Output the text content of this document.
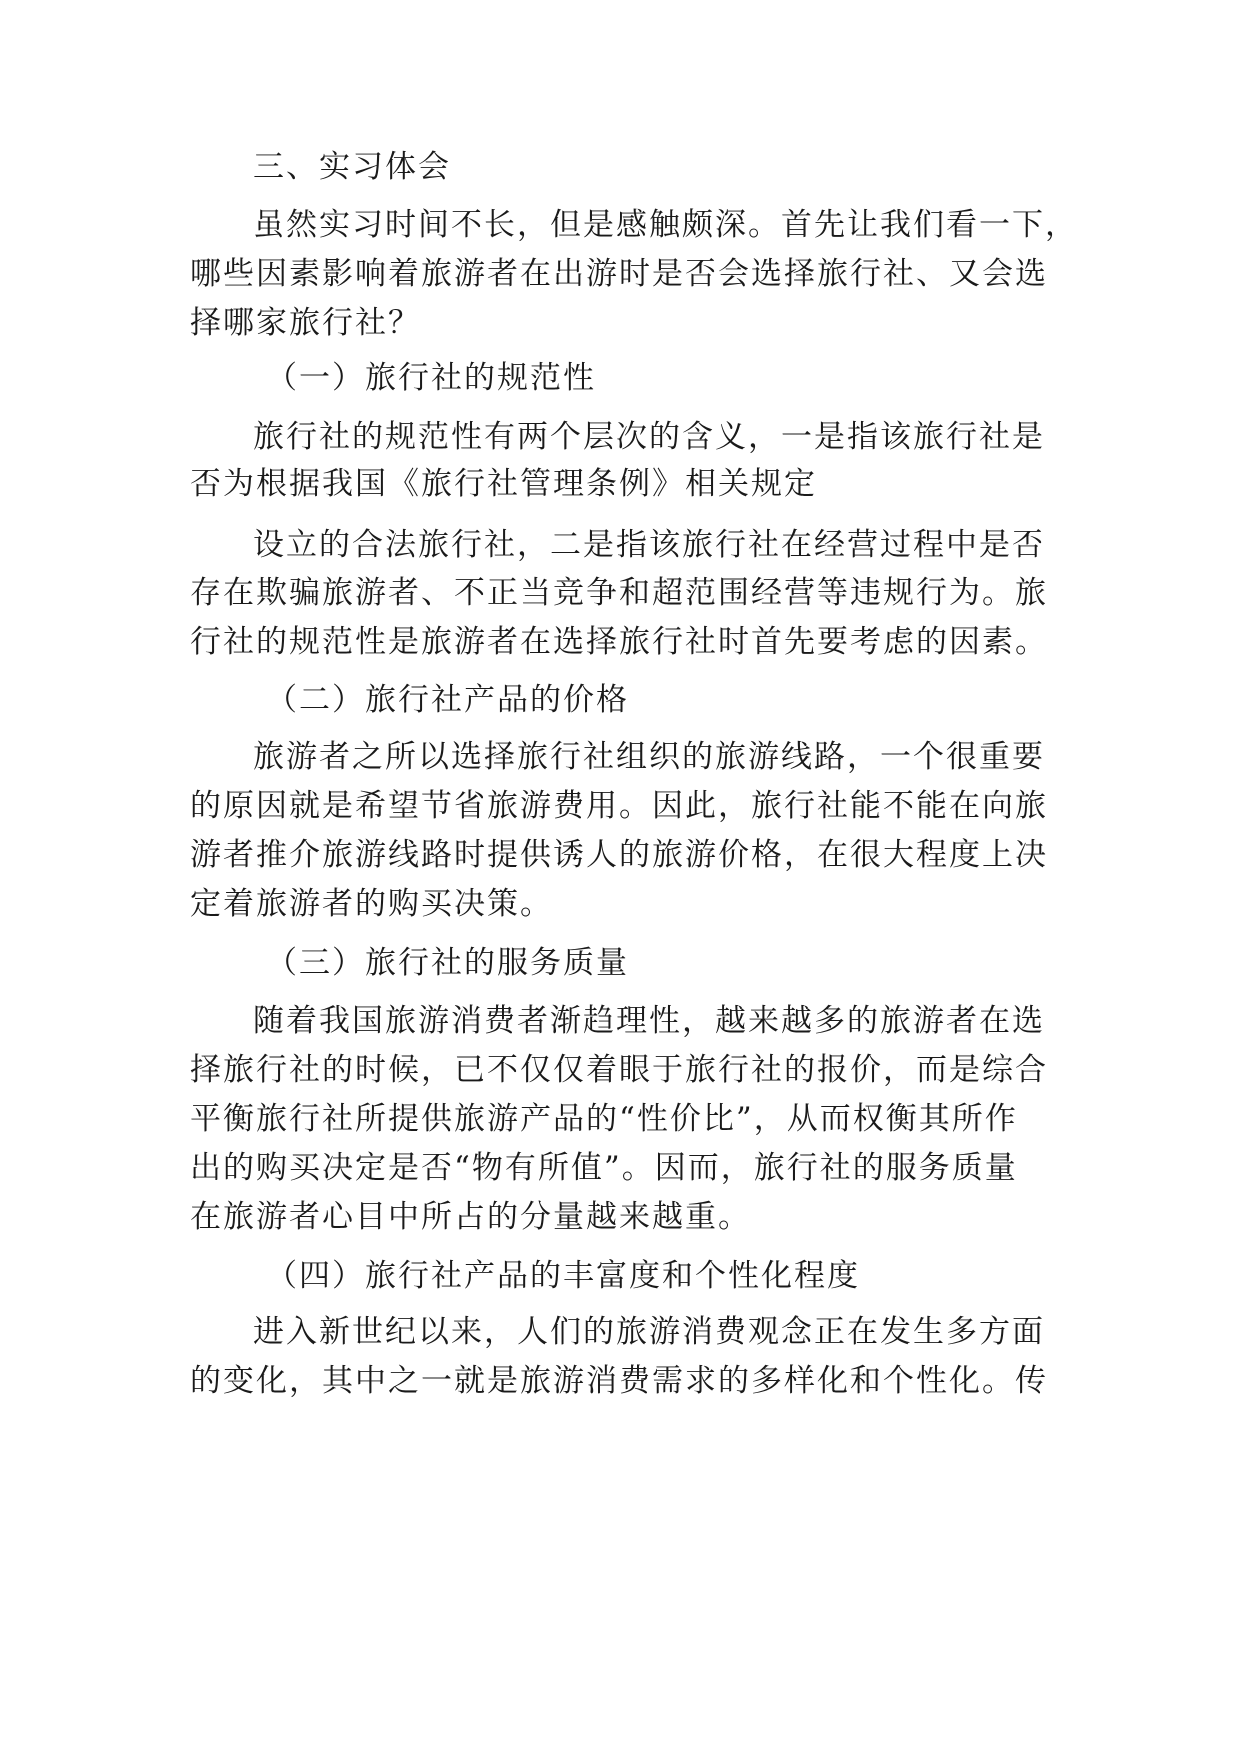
三、实习体会
虽然实习时间不长，但是感触颇深。首先让我们看一下，
哪些因素影响着旅游者在出游时是否会选择旅行社、又会选
择哪家旅行社？
（一）旅行社的规范性
旅行社的规范性有两个层次的含义，一是指该旅行社是
否为根据我国《旅行社管理条例》相关规定
设立的合法旅行社，二是指该旅行社在经营过程中是否
存在欺骗旅游者、不正当竞争和超范围经营等违规行为。旅
行社的规范性是旅游者在选择旅行社时首先要考虑的因素。
（二）旅行社产品的价格
旅游者之所以选择旅行社组织的旅游线路，一个很重要
的原因就是希望节省旅游费用。因此，旅行社能不能在向旅
游者推介旅游线路时提供诱人的旅游价格，在很大程度上决
定着旅游者的购买决策。
（三）旅行社的服务质量
随着我国旅游消费者渐趋理性，越来越多的旅游者在选
择旅行社的时候，已不仅仅着眼于旅行社的报价，而是综合
平衡旅行社所提供旅游产品的“性价比”，从而权衡其所作
出的购买决定是否“物有所值”。因而，旅行社的服务质量
在旅游者心目中所占的分量越来越重。
（四）旅行社产品的丰富度和个性化程度
进入新世纪以来，人们的旅游消费观念正在发生多方面
的变化，其中之一就是旅游消费需求的多样化和个性化。传
